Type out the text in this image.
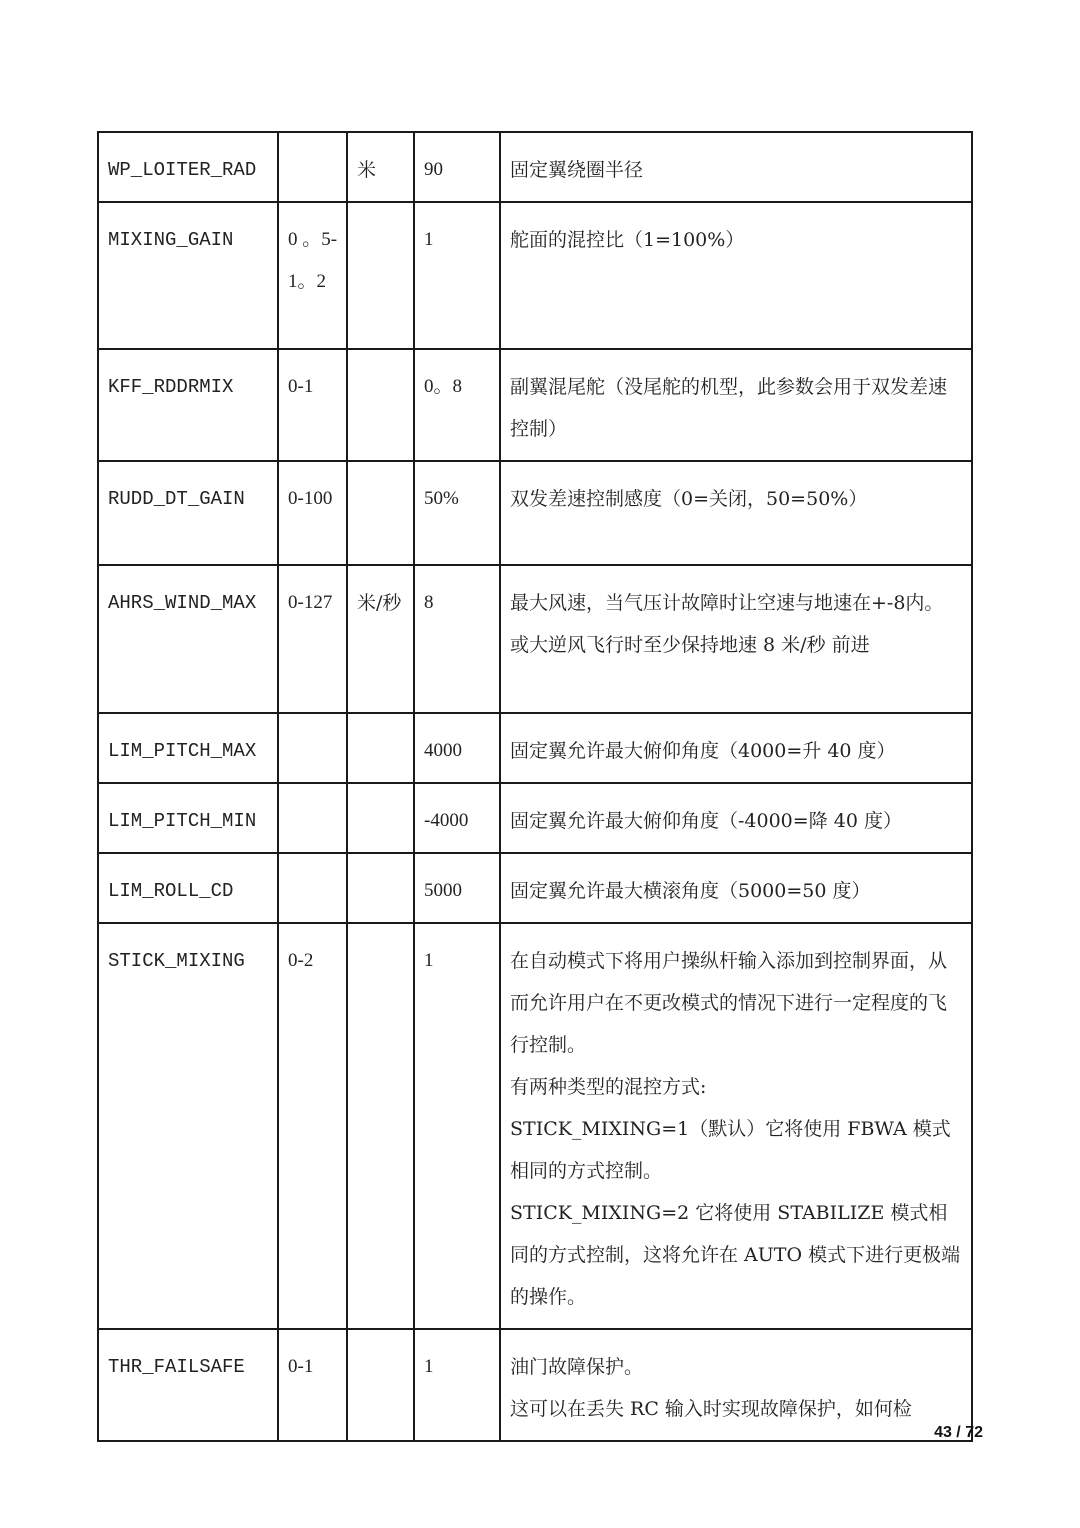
WP_LOITER_RAD		米	90	固定翼绕圈半径

MIXING_GAIN	0 。5-1。2		1	舵面的混控比（1=100%）

KFF_RDDRMIX	0-1		0。8	副翼混尾舵（没尾舵的机型，此参数会用于双发差速控制）

RUDD_DT_GAIN	0-100		50%	双发差速控制感度（0=关闭，50=50%）

AHRS_WIND_MAX	0-127	米/秒	8	最大风速，当气压计故障时让空速与地速在+-8内。
或大逆风飞行时至少保持地速 8 米/秒 前进

LIM_PITCH_MAX			4000	固定翼允许最大俯仰角度（4000=升 40 度）

LIM_PITCH_MIN			-4000	固定翼允许最大俯仰角度（-4000=降 40 度）

LIM_ROLL_CD			5000	固定翼允许最大横滚角度（5000=50 度）

STICK_MIXING	0-2		1	在自动模式下将用户操纵杆输入添加到控制界面，从而允许用户在不更改模式的情况下进行一定程度的飞行控制。
有两种类型的混控方式:
STICK_MIXING=1（默认）它将使用 FBWA 模式相同的方式控制。
STICK_MIXING=2 它将使用 STABILIZE 模式相同的方式控制，这将允许在 AUTO 模式下进行更极端的操作。

THR_FAILSAFE	0-1		1	油门故障保护。
这可以在丢失 RC 输入时实现故障保护，如何检
43 / 72
